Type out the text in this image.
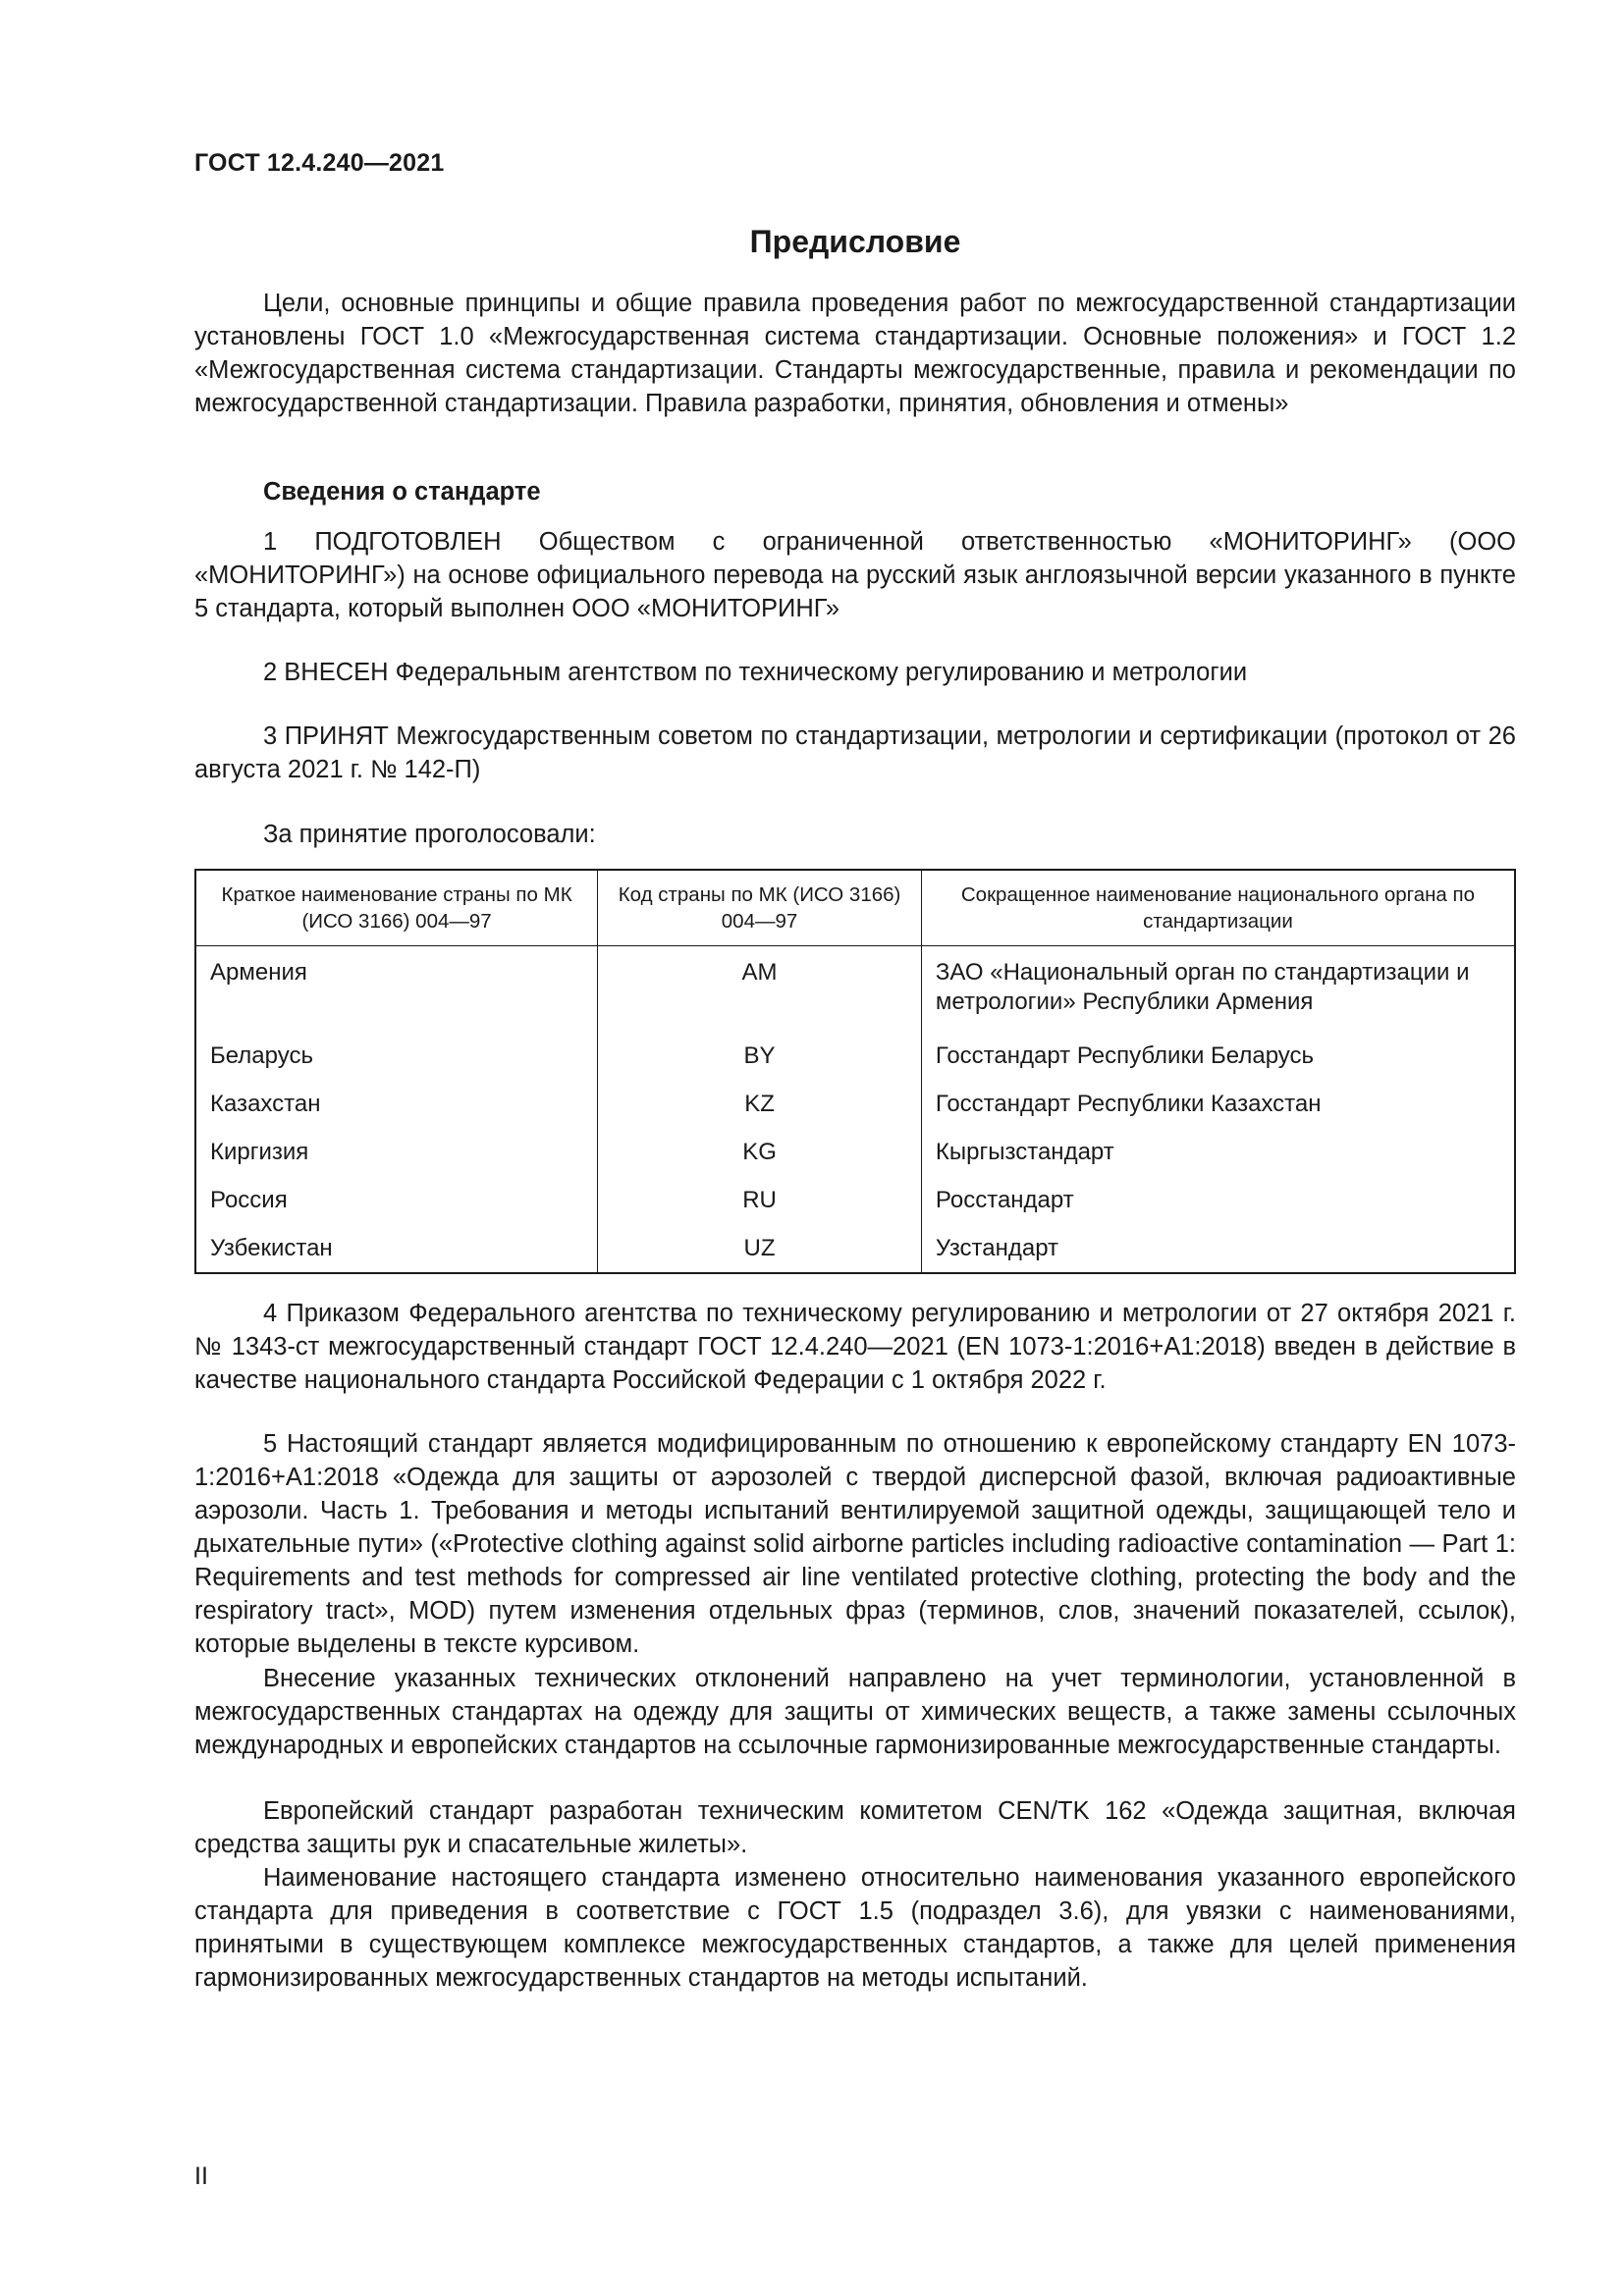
ГОСТ 12.4.240—2021
Предисловие

Цели, основные принципы и общие правила проведения работ по межгосударственной стандартизации установлены ГОСТ 1.0 «Межгосударственная система стандартизации. Основные положения» и ГОСТ 1.2 «Межгосударственная система стандартизации. Стандарты межгосударственные, правила и рекомендации по межгосударственной стандартизации. Правила разработки, принятия, обновления и отмены»

Сведения о стандарте

1 ПОДГОТОВЛЕН Обществом с ограниченной ответственностью «МОНИТОРИНГ» (ООО «МОНИТОРИНГ») на основе официального перевода на русский язык англоязычной версии указанного в пункте 5 стандарта, который выполнен ООО «МОНИТОРИНГ»

2 ВНЕСЕН Федеральным агентством по техническому регулированию и метрологии

3 ПРИНЯТ Межгосударственным советом по стандартизации, метрологии и сертификации (протокол от 26 августа 2021 г. № 142-П)

За принятие проголосовали:

Краткое наименование страны по МК (ИСО 3166) 004—97	Код страны по МК (ИСО 3166) 004—97	Сокращенное наименование национального органа по стандартизации
Армения	AM	ЗАО «Национальный орган по стандартизации и метрологии» Республики Армения
Беларусь	BY	Госстандарт Республики Беларусь
Казахстан	KZ	Госстандарт Республики Казахстан
Киргизия	KG	Кыргызстандарт
Россия	RU	Росстандарт
Узбекистан	UZ	Узстандарт

4 Приказом Федерального агентства по техническому регулированию и метрологии от 27 октября 2021 г. № 1343-ст межгосударственный стандарт ГОСТ 12.4.240—2021 (EN 1073-1:2016+A1:2018) введен в действие в качестве национального стандарта Российской Федерации с 1 октября 2022 г.

5 Настоящий стандарт является модифицированным по отношению к европейскому стандарту EN 1073-1:2016+A1:2018 «Одежда для защиты от аэрозолей с твердой дисперсной фазой, включая радиоактивные аэрозоли. Часть 1. Требования и методы испытаний вентилируемой защитной одежды, защищающей тело и дыхательные пути» («Protective clothing against solid airborne particles including radioactive contamination — Part 1: Requirements and test methods for compressed air line ventilated protective clothing, protecting the body and the respiratory tract», MOD) путем изменения отдельных фраз (терминов, слов, значений показателей, ссылок), которые выделены в тексте курсивом.

Внесение указанных технических отклонений направлено на учет терминологии, установленной в межгосударственных стандартах на одежду для защиты от химических веществ, а также замены ссылочных международных и европейских стандартов на ссылочные гармонизированные межгосударственные стандарты.

Европейский стандарт разработан техническим комитетом CEN/TK 162 «Одежда защитная, включая средства защиты рук и спасательные жилеты».

Наименование настоящего стандарта изменено относительно наименования указанного европейского стандарта для приведения в соответствие с ГОСТ 1.5 (подраздел 3.6), для увязки с наименованиями, принятыми в существующем комплексе межгосударственных стандартов, а также для целей применения гармонизированных межгосударственных стандартов на методы испытаний.

II
